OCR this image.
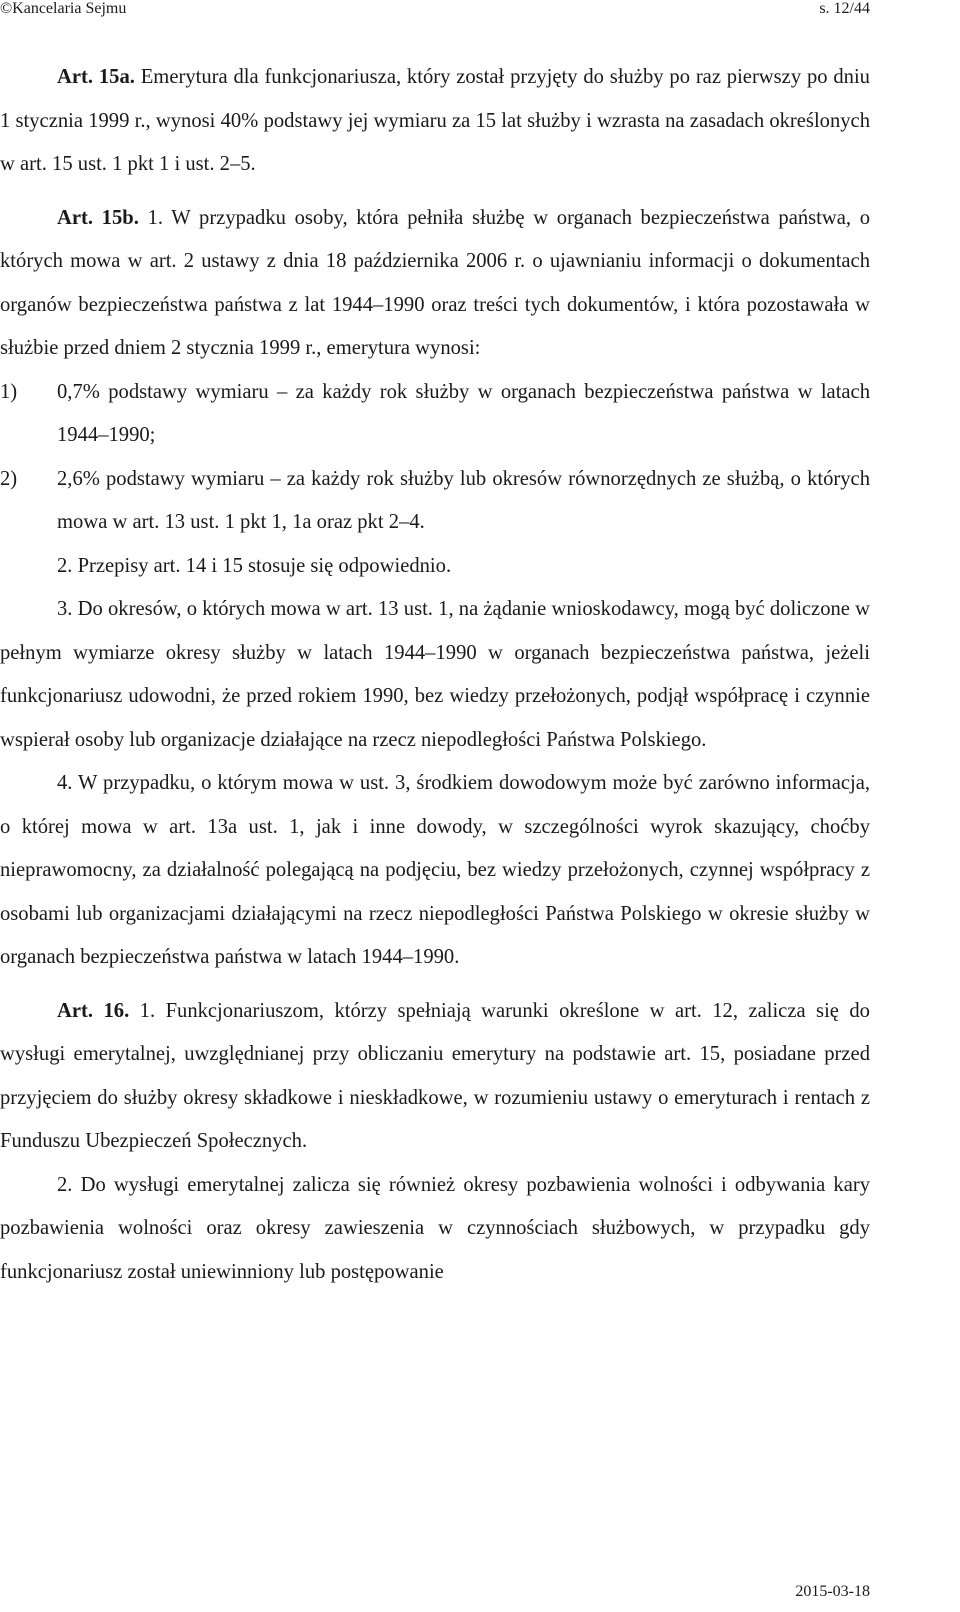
©Kancelaria Sejmu	s. 12/44

Art. 15a. Emerytura dla funkcjonariusza, który został przyjęty do służby po raz pierwszy po dniu 1 stycznia 1999 r., wynosi 40% podstawy jej wymiaru za 15 lat służby i wzrasta na zasadach określonych w art. 15 ust. 1 pkt 1 i ust. 2–5.

Art. 15b. 1. W przypadku osoby, która pełniła służbę w organach bezpieczeństwa państwa, o których mowa w art. 2 ustawy z dnia 18 października 2006 r. o ujawnianiu informacji o dokumentach organów bezpieczeństwa państwa z lat 1944–1990 oraz treści tych dokumentów, i która pozostawała w służbie przed dniem 2 stycznia 1999 r., emerytura wynosi:

1) 0,7% podstawy wymiaru – za każdy rok służby w organach bezpieczeństwa państwa w latach 1944–1990;
2) 2,6% podstawy wymiaru – za każdy rok służby lub okresów równorzędnych ze służbą, o których mowa w art. 13 ust. 1 pkt 1, 1a oraz pkt 2–4.

2. Przepisy art. 14 i 15 stosuje się odpowiednio.

3. Do okresów, o których mowa w art. 13 ust. 1, na żądanie wnioskodawcy, mogą być doliczone w pełnym wymiarze okresy służby w latach 1944–1990 w organach bezpieczeństwa państwa, jeżeli funkcjonariusz udowodni, że przed rokiem 1990, bez wiedzy przełożonych, podjął współpracę i czynnie wspierał osoby lub organizacje działające na rzecz niepodległości Państwa Polskiego.

4. W przypadku, o którym mowa w ust. 3, środkiem dowodowym może być zarówno informacja, o której mowa w art. 13a ust. 1, jak i inne dowody, w szczególności wyrok skazujący, choćby nieprawomocny, za działalność polegającą na podjęciu, bez wiedzy przełożonych, czynnej współpracy z osobami lub organizacjami działającymi na rzecz niepodległości Państwa Polskiego w okresie służby w organach bezpieczeństwa państwa w latach 1944–1990.

Art. 16. 1. Funkcjonariuszom, którzy spełniają warunki określone w art. 12, zalicza się do wysługi emerytalnej, uwzględnianej przy obliczaniu emerytury na podstawie art. 15, posiadane przed przyjęciem do służby okresy składkowe i nieskładkowe, w rozumieniu ustawy o emeryturach i rentach z Funduszu Ubezpieczeń Społecznych.

2. Do wysługi emerytalnej zalicza się również okresy pozbawienia wolności i odbywania kary pozbawienia wolności oraz okresy zawieszenia w czynnościach służbowych, w przypadku gdy funkcjonariusz został uniewinniony lub postępowanie

2015-03-18
